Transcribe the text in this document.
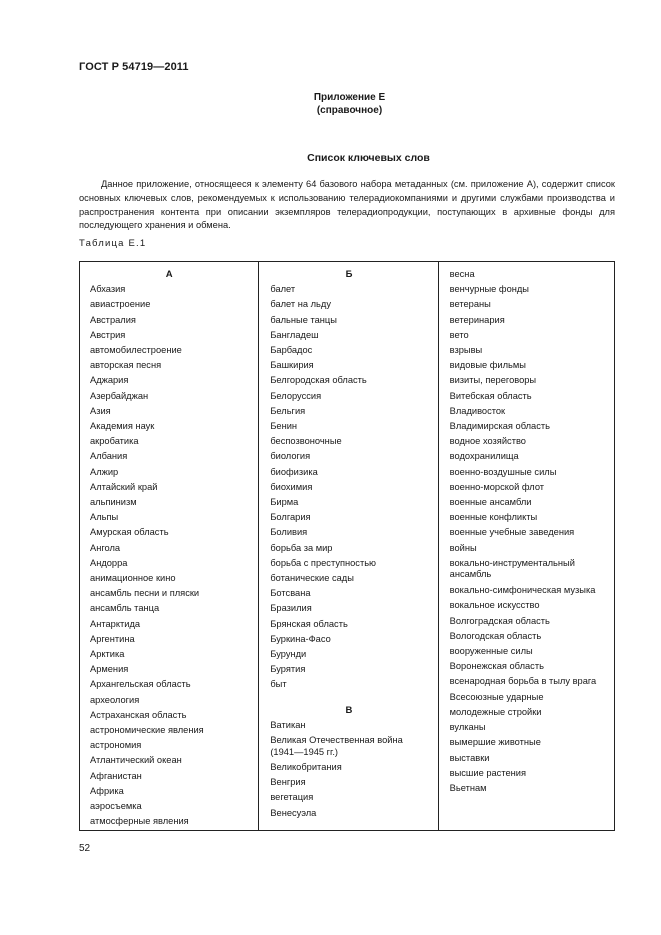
ГОСТ Р 54719—2011
Приложение Е
(справочное)
Список ключевых слов
Данное приложение, относящееся к элементу 64 базового набора метаданных (см. приложение А), содержит список основных ключевых слов, рекомендуемых к использованию телерадиокомпаниями и другими службами производства и распространения контента при описании экземпляров телерадиопродукции, поступающих в архивные фонды для последующего хранения и обмена.
Таблица Е.1
А
Абхазия
авиастроение
Австралия
Австрия
автомобилестроение
авторская песня
Аджария
Азербайджан
Азия
Академия наук
акробатика
Албания
Алжир
Алтайский край
альпинизм
Альпы
Амурская область
Ангола
Андорра
анимационное кино
ансамбль песни и пляски
ансамбль танца
Антарктида
Аргентина
Арктика
Армения
Архангельская область
археология
Астраханская область
астрономические явления
астрономия
Атлантический океан
Афганистан
Африка
аэросъемка
атмосферные явления
Б
балет
балет на льду
бальные танцы
Бангладеш
Барбадос
Башкирия
Белгородская область
Белоруссия
Бельгия
Бенин
беспозвоночные
биология
биофизика
биохимия
Бирма
Болгария
Боливия
борьба за мир
борьба с преступностью
ботанические сады
Ботсвана
Бразилия
Брянская область
Буркина-Фасо
Бурунди
Бурятия
быт
В
Ватикан
Великая Отечественная война (1941—1945 гг.)
Великобритания
Венгрия
вегетация
Венесуэла
весна
венчурные фонды
ветераны
ветеринария
вето
взрывы
видовые фильмы
визиты, переговоры
Витебская область
Владивосток
Владимирская область
водное хозяйство
водохранилища
военно-воздушные силы
военно-морской флот
военные ансамбли
военные конфликты
военные учебные заведения
войны
вокально-инструментальный ансамбль
вокально-симфоническая музыка
вокальное искусство
Волгоградская область
Вологодская область
вооруженные силы
Воронежская область
всенародная борьба в тылу врага
Всесоюзные ударные
молодежные стройки
вулканы
вымершие животные
выставки
высшие растения
Вьетнам
52
